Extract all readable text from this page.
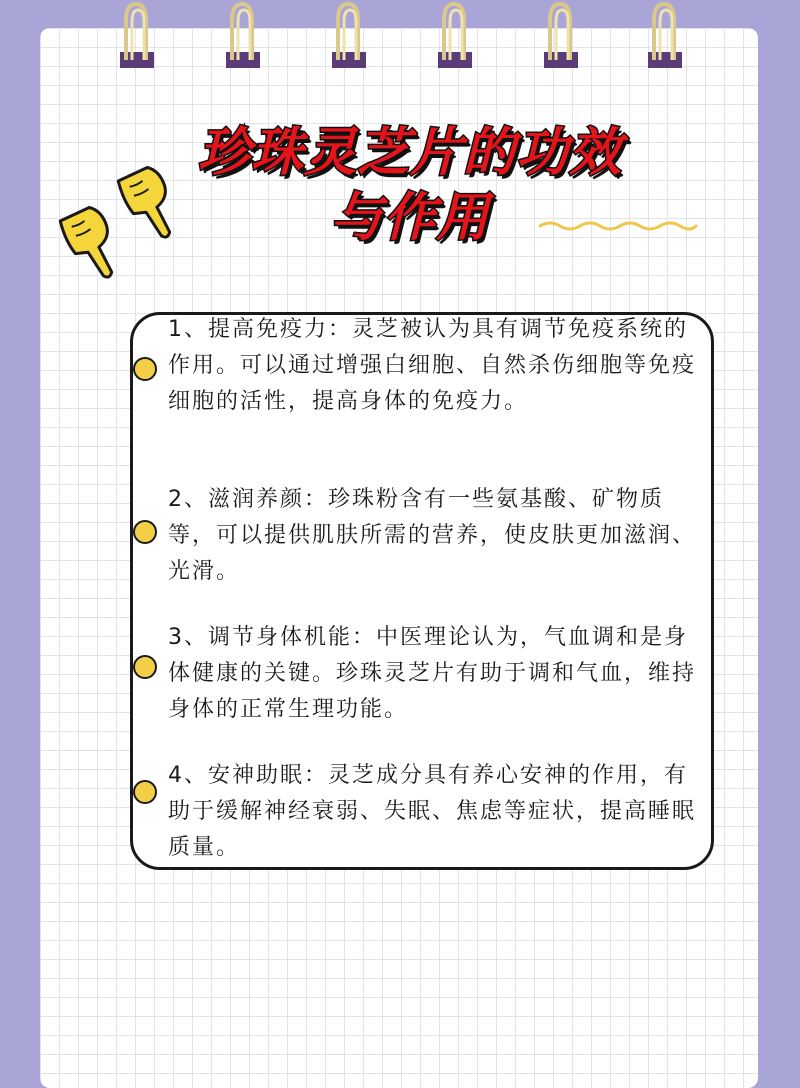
珍珠灵芝片的功效
与作用
1、提高免疫力：灵芝被认为具有调节免疫系统的作用。可以通过增强白细胞、自然杀伤细胞等免疫细胞的活性，提高身体的免疫力。
2、滋润养颜：珍珠粉含有一些氨基酸、矿物质等，可以提供肌肤所需的营养，使皮肤更加滋润、光滑。
3、调节身体机能：中医理论认为，气血调和是身体健康的关键。珍珠灵芝片有助于调和气血，维持身体的正常生理功能。
4、安神助眠：灵芝成分具有养心安神的作用，有助于缓解神经衰弱、失眠、焦虑等症状，提高睡眠质量。
